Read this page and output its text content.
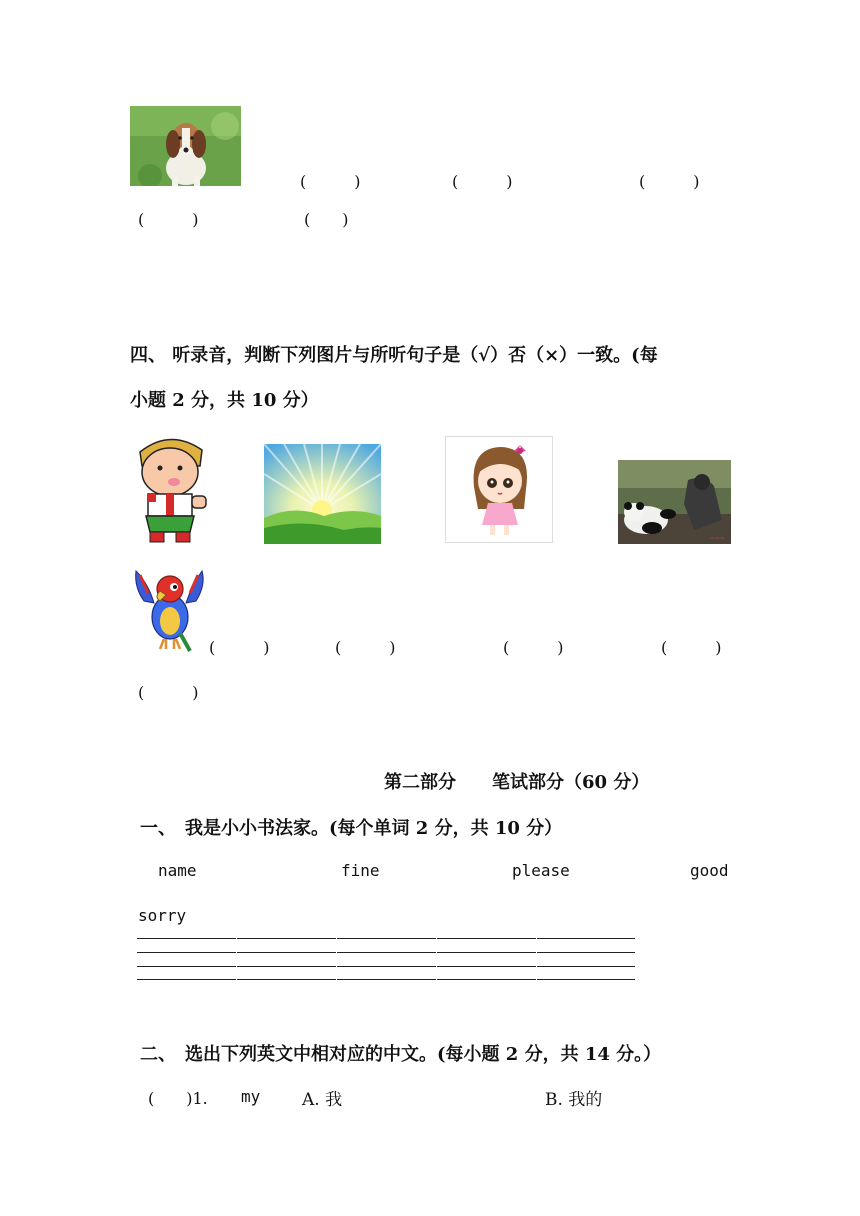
(　　　)	(　　　)	(　　　)
(　　　)	(　　)
四、 听录音，判断下列图片与所听句子是（√）否（×）一致。(每
小题 2 分，共 10 分）
~~~
(　　　)	(　　　)	(　　　)	(　　　)
(　　　)
第二部分　　笔试部分（60 分）
一、　我是小小书法家。(每个单词 2 分，共 10 分）
name	fine	please	good
sorry
二、　选出下列英文中相对应的中文。(每小题 2 分，共 14 分。）
(　　)1. my A. 我	B. 我的
